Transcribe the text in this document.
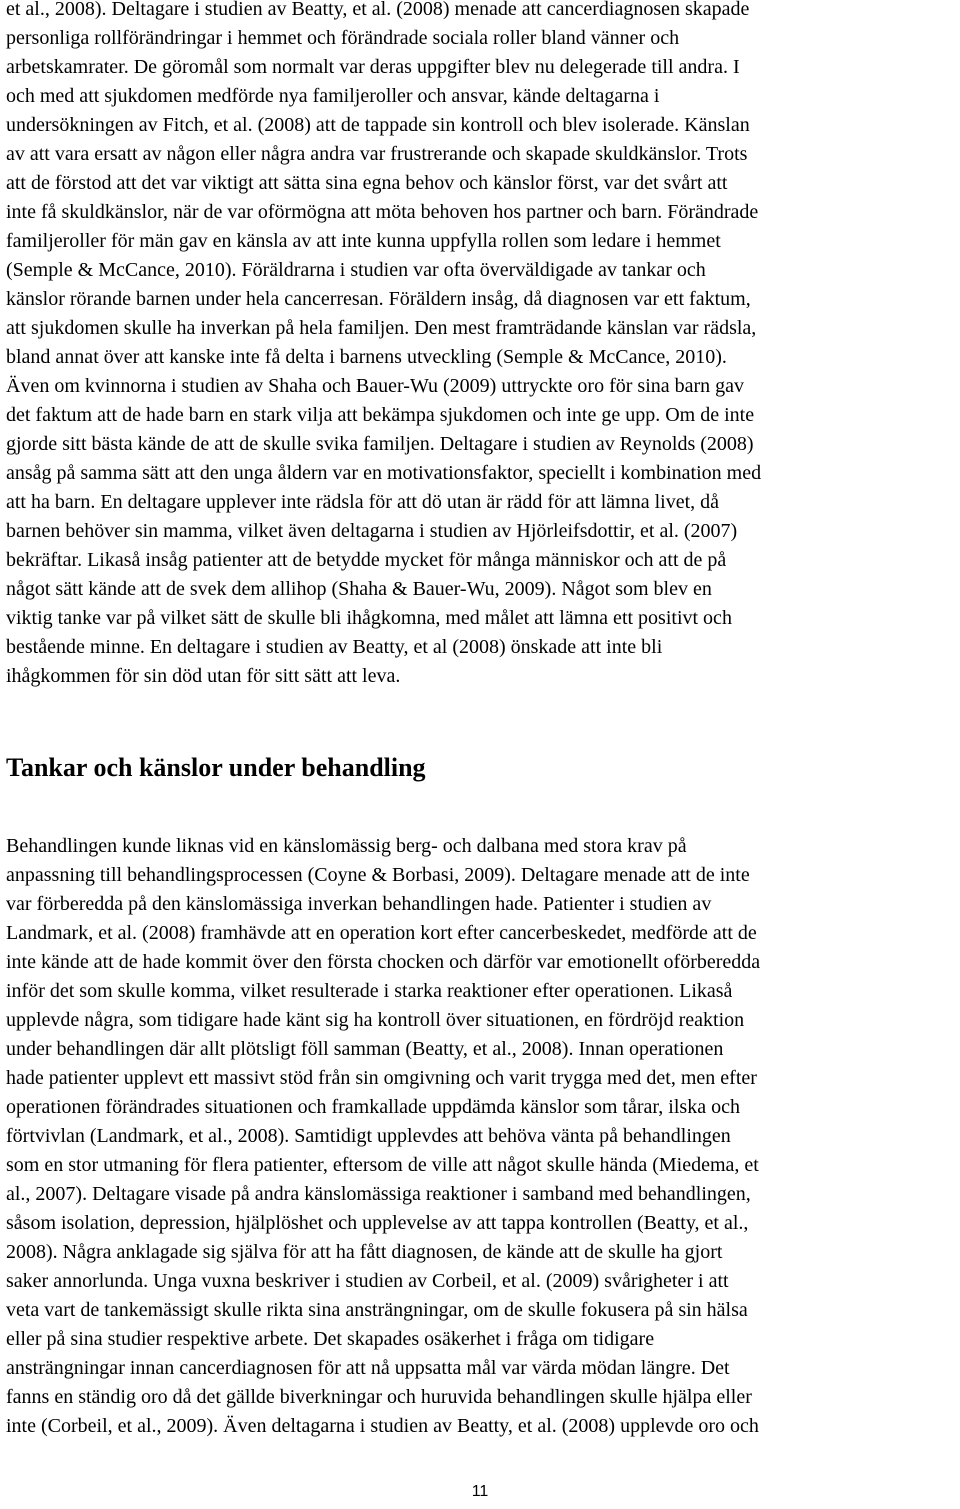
et al., 2008). Deltagare i studien av Beatty, et al. (2008) menade att cancerdiagnosen skapade
personliga rollförändringar i hemmet och förändrade sociala roller bland vänner och
arbetskamrater. De göromål som normalt var deras uppgifter blev nu delegerade till andra. I
och med att sjukdomen medförde nya familjeroller och ansvar, kände deltagarna i
undersökningen av Fitch, et al. (2008) att de tappade sin kontroll och blev isolerade. Känslan
av att vara ersatt av någon eller några andra var frustrerande och skapade skuldkänslor. Trots
att de förstod att det var viktigt att sätta sina egna behov och känslor först, var det svårt att
inte få skuldkänslor, när de var oförmögna att möta behoven hos partner och barn. Förändrade
familjeroller för män gav en känsla av att inte kunna uppfylla rollen som ledare i hemmet
(Semple & McCance, 2010). Föräldrarna i studien var ofta överväldigade av tankar och
känslor rörande barnen under hela cancerresan. Föräldern insåg, då diagnosen var ett faktum,
att sjukdomen skulle ha inverkan på hela familjen. Den mest framträdande känslan var rädsla,
bland annat över att kanske inte få delta i barnens utveckling (Semple & McCance, 2010).
Även om kvinnorna i studien av Shaha och Bauer-Wu (2009) uttryckte oro för sina barn gav
det faktum att de hade barn en stark vilja att bekämpa sjukdomen och inte ge upp. Om de inte
gjorde sitt bästa kände de att de skulle svika familjen. Deltagare i studien av Reynolds (2008)
ansåg på samma sätt att den unga åldern var en motivationsfaktor, speciellt i kombination med
att ha barn. En deltagare upplever inte rädsla för att dö utan är rädd för att lämna livet, då
barnen behöver sin mamma, vilket även deltagarna i studien av Hjörleifsdottir, et al. (2007)
bekräftar. Likaså insåg patienter att de betydde mycket för många människor och att de på
något sätt kände att de svek dem allihop (Shaha & Bauer-Wu, 2009). Något som blev en
viktig tanke var på vilket sätt de skulle bli ihågkomna, med målet att lämna ett positivt och
bestående minne. En deltagare i studien av Beatty, et al (2008) önskade att inte bli
ihågkommen för sin död utan för sitt sätt att leva.
Tankar och känslor under behandling
Behandlingen kunde liknas vid en känslomässig berg- och dalbana med stora krav på
anpassning till behandlingsprocessen (Coyne & Borbasi, 2009). Deltagare menade att de inte
var förberedda på den känslomässiga inverkan behandlingen hade. Patienter i studien av
Landmark, et al. (2008) framhävde att en operation kort efter cancerbeskedet, medförde att de
inte kände att de hade kommit över den första chocken och därför var emotionellt oförberedda
inför det som skulle komma, vilket resulterade i starka reaktioner efter operationen. Likaså
upplevde några, som tidigare hade känt sig ha kontroll över situationen, en fördröjd reaktion
under behandlingen där allt plötsligt föll samman (Beatty, et al., 2008). Innan operationen
hade patienter upplevt ett massivt stöd från sin omgivning och varit trygga med det, men efter
operationen förändrades situationen och framkallade uppdämda känslor som tårar, ilska och
förtvivlan (Landmark, et al., 2008). Samtidigt upplevdes att behöva vänta på behandlingen
som en stor utmaning för flera patienter, eftersom de ville att något skulle hända (Miedema, et
al., 2007). Deltagare visade på andra känslomässiga reaktioner i samband med behandlingen,
såsom isolation, depression, hjälplöshet och upplevelse av att tappa kontrollen (Beatty, et al.,
2008). Några anklagade sig själva för att ha fått diagnosen, de kände att de skulle ha gjort
saker annorlunda. Unga vuxna beskriver i studien av Corbeil, et al. (2009) svårigheter i att
veta vart de tankemässigt skulle rikta sina ansträngningar, om de skulle fokusera på sin hälsa
eller på sina studier respektive arbete. Det skapades osäkerhet i fråga om tidigare
ansträngningar innan cancerdiagnosen för att nå uppsatta mål var värda mödan längre. Det
fanns en ständig oro då det gällde biverkningar och huruvida behandlingen skulle hjälpa eller
inte (Corbeil, et al., 2009). Även deltagarna i studien av Beatty, et al. (2008) upplevde oro och
11
